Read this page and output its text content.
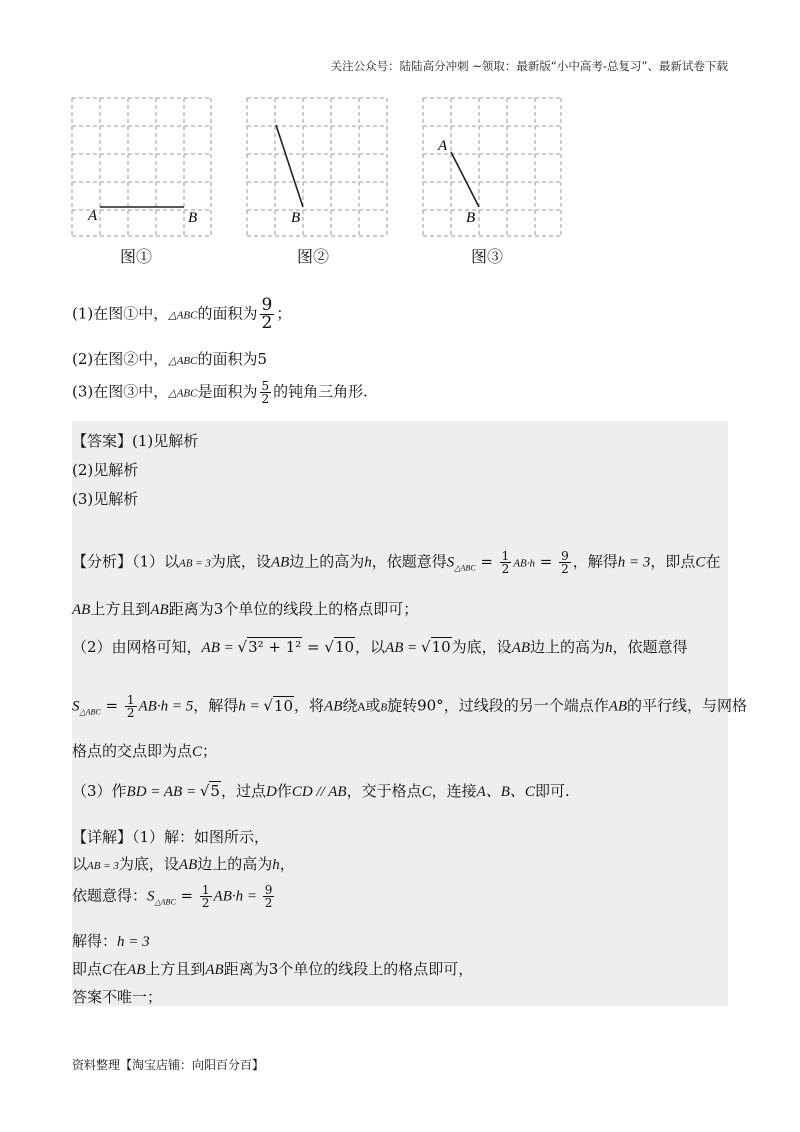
关注公众号：陆陆高分冲刺 ~领取：最新版“小中高考-总复习”、最新试卷下载
A	B	B
A
B
图①	图②	图③
(1)在图①中，△ABC的面积为 $\frac{9}{2}$ ；
(2)在图②中，△ABC的面积为5
(3)在图③中，△ABC是面积为 $\frac{5}{2}$ 的钝角三角形.
【答案】(1)见解析
(2)见解析
(3)见解析
【分析】（1）以AB = 3为底，设AB边上的高为h，依题意得$S_{\triangle ABC} = \frac{1}{2} AB\cdot h = \frac{9}{2}$ ，解得h = 3，即点C在
AB上方且到AB距离为3个单位的线段上的格点即可；
（2）由网格可知，AB = √3² + 1² = √10，以AB = √10为底，设AB边上的高为h，依题意得
$S_{\triangle ABC} = \frac{1}{2} AB\cdot h = 5$，解得h = √10，将AB绕A或B旋转90°，过线段的另一个端点作AB的平行线，与网格
格点的交点即为点C；
（3）作BD = AB = √5，过点D作CD // AB，交于格点C，连接A、B、C即可.
【详解】（1）解：如图所示，
以AB = 3为底，设AB边上的高为h，
依题意得：$S_{\triangle ABC} = \frac{1}{2} AB\cdot h = \frac{9}{2}$
解得：h = 3
即点C在AB上方且到AB距离为3个单位的线段上的格点即可，
答案不唯一；
资料整理【淘宝店铺：向阳百分百】
